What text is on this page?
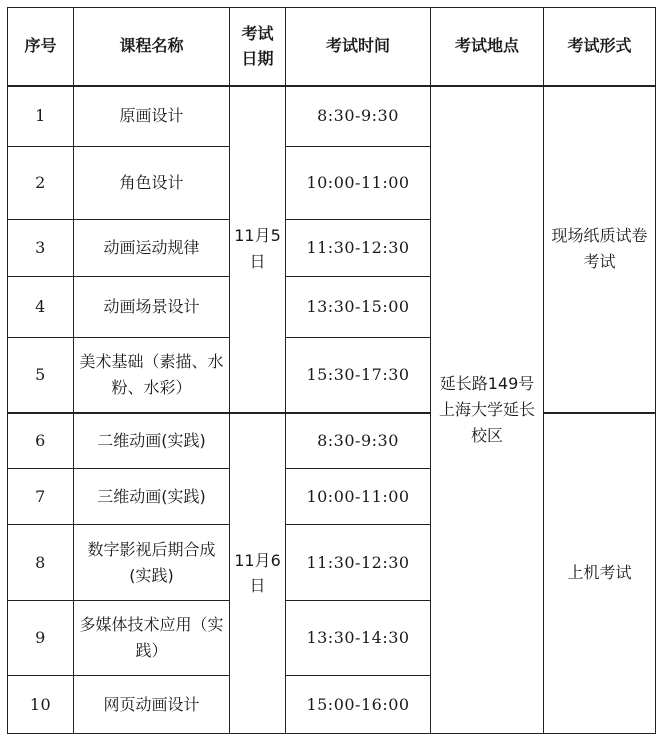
序号	课程名称	考试日期	考试时间	考试地点	考试形式
1	原画设计	11月5日	8:30-9:30	延长路149号上海大学延长校区	现场纸质试卷考试
2	角色设计		10:00-11:00		
3	动画运动规律		11:30-12:30		
4	动画场景设计		13:30-15:00		
5	美术基础（素描、水粉、水彩）		15:30-17:30		
6	二维动画(实践)	11月6日	8:30-9:30		上机考试
7	三维动画(实践)		10:00-11:00		
8	数字影视后期合成(实践)		11:30-12:30		
9	多媒体技术应用（实践）		13:30-14:30		
10	网页动画设计		15:00-16:00		
